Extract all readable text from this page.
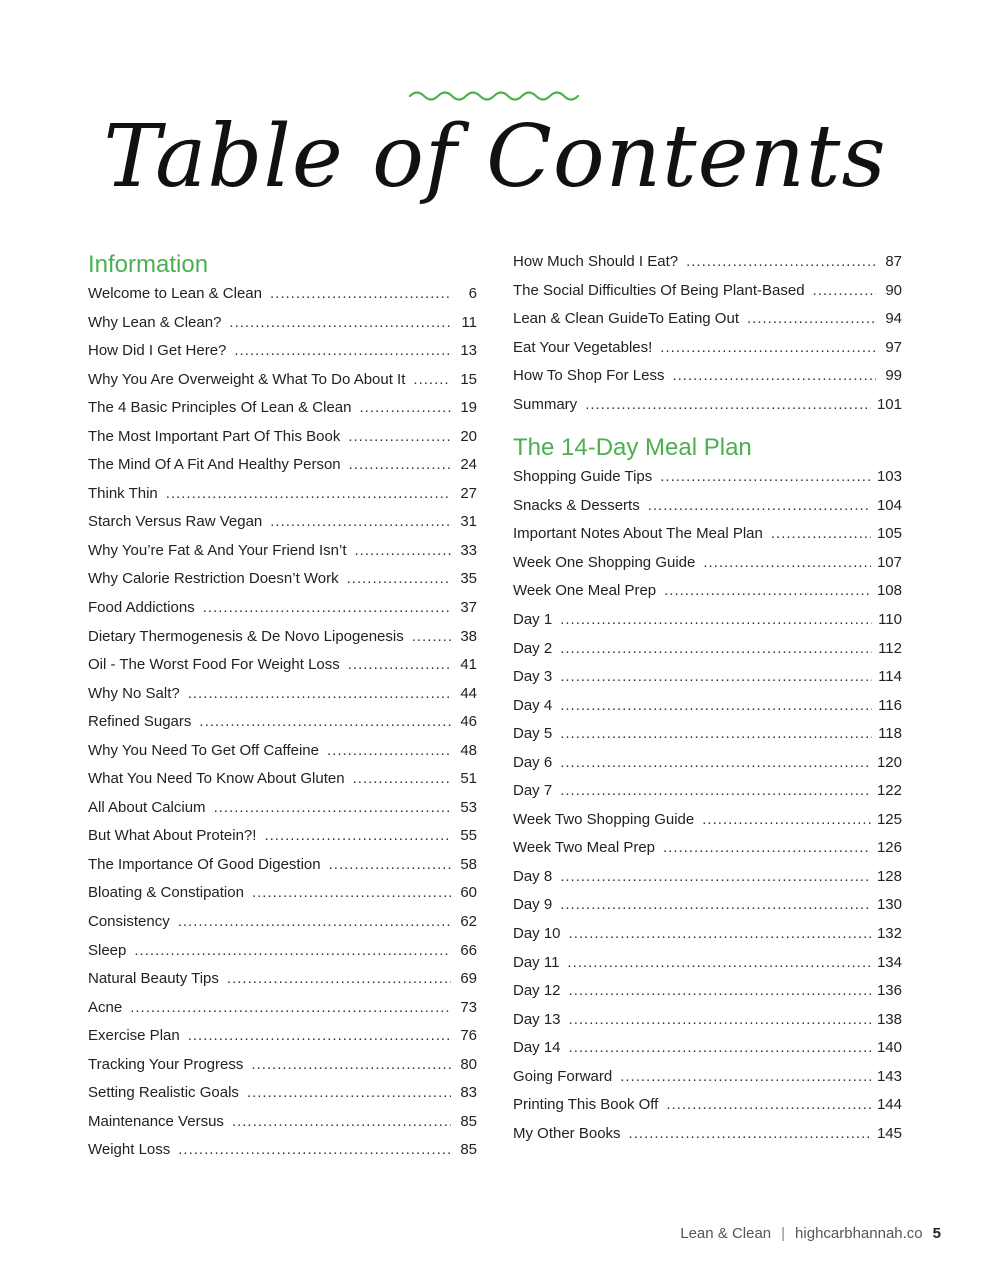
Table of Contents
Information
Welcome to Lean & Clean .....	6
Why Lean & Clean? .....	11
How Did I Get Here? .....	13
Why You Are Overweight & What To Do About It .....	15
The 4 Basic Principles Of Lean & Clean .....	19
The Most Important Part Of This Book .....	20
The Mind Of A Fit And Healthy Person .....	24
Think Thin .....	27
Starch Versus Raw Vegan .....	31
Why You’re Fat & And Your Friend Isn’t .....	33
Why Calorie Restriction Doesn’t Work .....	35
Food Addictions .....	37
Dietary Thermogenesis & De Novo Lipogenesis .....	38
Oil - The Worst Food For Weight Loss .....	41
Why No Salt? .....	44
Refined Sugars .....	46
Why You Need To Get Off Caffeine .....	48
What You Need To Know About Gluten .....	51
All About Calcium .....	53
But What About Protein?! .....	55
The Importance Of Good Digestion .....	58
Bloating & Constipation .....	60
Consistency .....	62
Sleep .....	66
Natural Beauty Tips .....	69
Acne .....	73
Exercise Plan .....	76
Tracking Your Progress .....	80
Setting Realistic Goals .....	83
Maintenance Versus .....	85
Weight Loss .....	85
How Much Should I Eat? .....	87
The Social Difficulties Of Being Plant-Based .....	90
Lean & Clean GuideTo Eating Out .....	94
Eat Your Vegetables! .....	97
How To Shop For Less .....	99
Summary .....	101
The 14-Day Meal Plan
Shopping Guide Tips .....	103
Snacks & Desserts .....	104
Important Notes About The Meal Plan .....	105
Week One Shopping Guide .....	107
Week One Meal Prep .....	108
Day 1 .....	110
Day 2 .....	112
Day 3 .....	114
Day 4 .....	116
Day 5 .....	118
Day 6 .....	120
Day 7 .....	122
Week Two Shopping Guide .....	125
Week Two Meal Prep .....	126
Day 8 .....	128
Day 9 .....	130
Day 10 .....	132
Day 11 .....	134
Day 12 .....	136
Day 13 .....	138
Day 14 .....	140
Going Forward .....	143
Printing This Book Off .....	144
My Other Books .....	145
Lean & Clean | highcarbhannah.co 5
